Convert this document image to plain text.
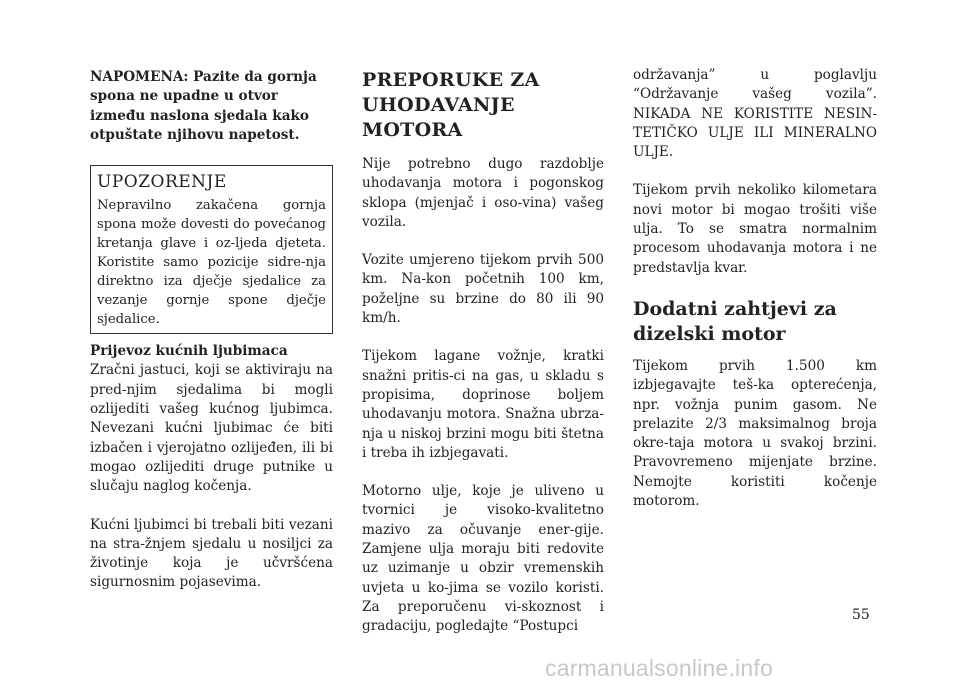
NAPOMENA: Pazite da gornja spona ne upadne u otvor između naslona sjedala kako otpuštate njihovu napetost.

UPOZORENJE
Nepravilno zakačena gornja spona može dovesti do povećanog kretanja glave i oz-ljeda djeteta. Koristite samo pozicije sidre-nja direktno iza dječje sjedalice za vezanje gornje spone dječje sjedalice.

Prijevoz kućnih ljubimaca
Zračni jastuci, koji se aktiviraju na pred-njim sjedalima bi mogli ozlijediti vašeg kućnog ljubimca. Nevezani kućni ljubimac će biti izbačen i vjerojatno ozlijeđen, ili bi mogao ozlijediti druge putnike u slučaju naglog kočenja.

Kućni ljubimci bi trebali biti vezani na stra-žnjem sjedalu u nosiljci za životinje koja je učvršćena sigurnosnim pojasevima.

PREPORUKE ZA UHODAVANJE MOTORA

Nije potrebno dugo razdoblje uhodavanja motora i pogonskog sklopa (mjenjač i oso-vina) vašeg vozila.

Vozite umjereno tijekom prvih 500 km. Na-kon početnih 100 km, poželjne su brzine do 80 ili 90 km/h.

Tijekom lagane vožnje, kratki snažni pritis-ci na gas, u skladu s propisima, doprinose boljem uhodavanju motora. Snažna ubrza-nja u niskoj brzini mogu biti štetna i treba ih izbjegavati.

Motorno ulje, koje je uliveno u tvornici je visoko-kvalitetno mazivo za očuvanje ener-gije. Zamjene ulja moraju biti redovite uz uzimanje u obzir vremenskih uvjeta u ko-jima se vozilo koristi. Za preporučenu vi-skoznost i gradaciju, pogledajte “Postupci

održavanja” u poglavlju “Održavanje vašeg vozila”. NIKADA NE KORISTITE NESIN-TETIČKO ULJE ILI MINERALNO ULJE.

Tijekom prvih nekoliko kilometara novi motor bi mogao trošiti više ulja. To se smatra normalnim procesom uhodavanja motora i ne predstavlja kvar.

Dodatni zahtjevi za dizelski motor

Tijekom prvih 1.500 km izbjegavajte teš-ka opterećenja, npr. vožnja punim gasom. Ne prelazite 2/3 maksimalnog broja okre-taja motora u svakoj brzini. Pravovremeno mijenjate brzine. Nemojte koristiti kočenje motorom.

55
carmanualsonline.info
